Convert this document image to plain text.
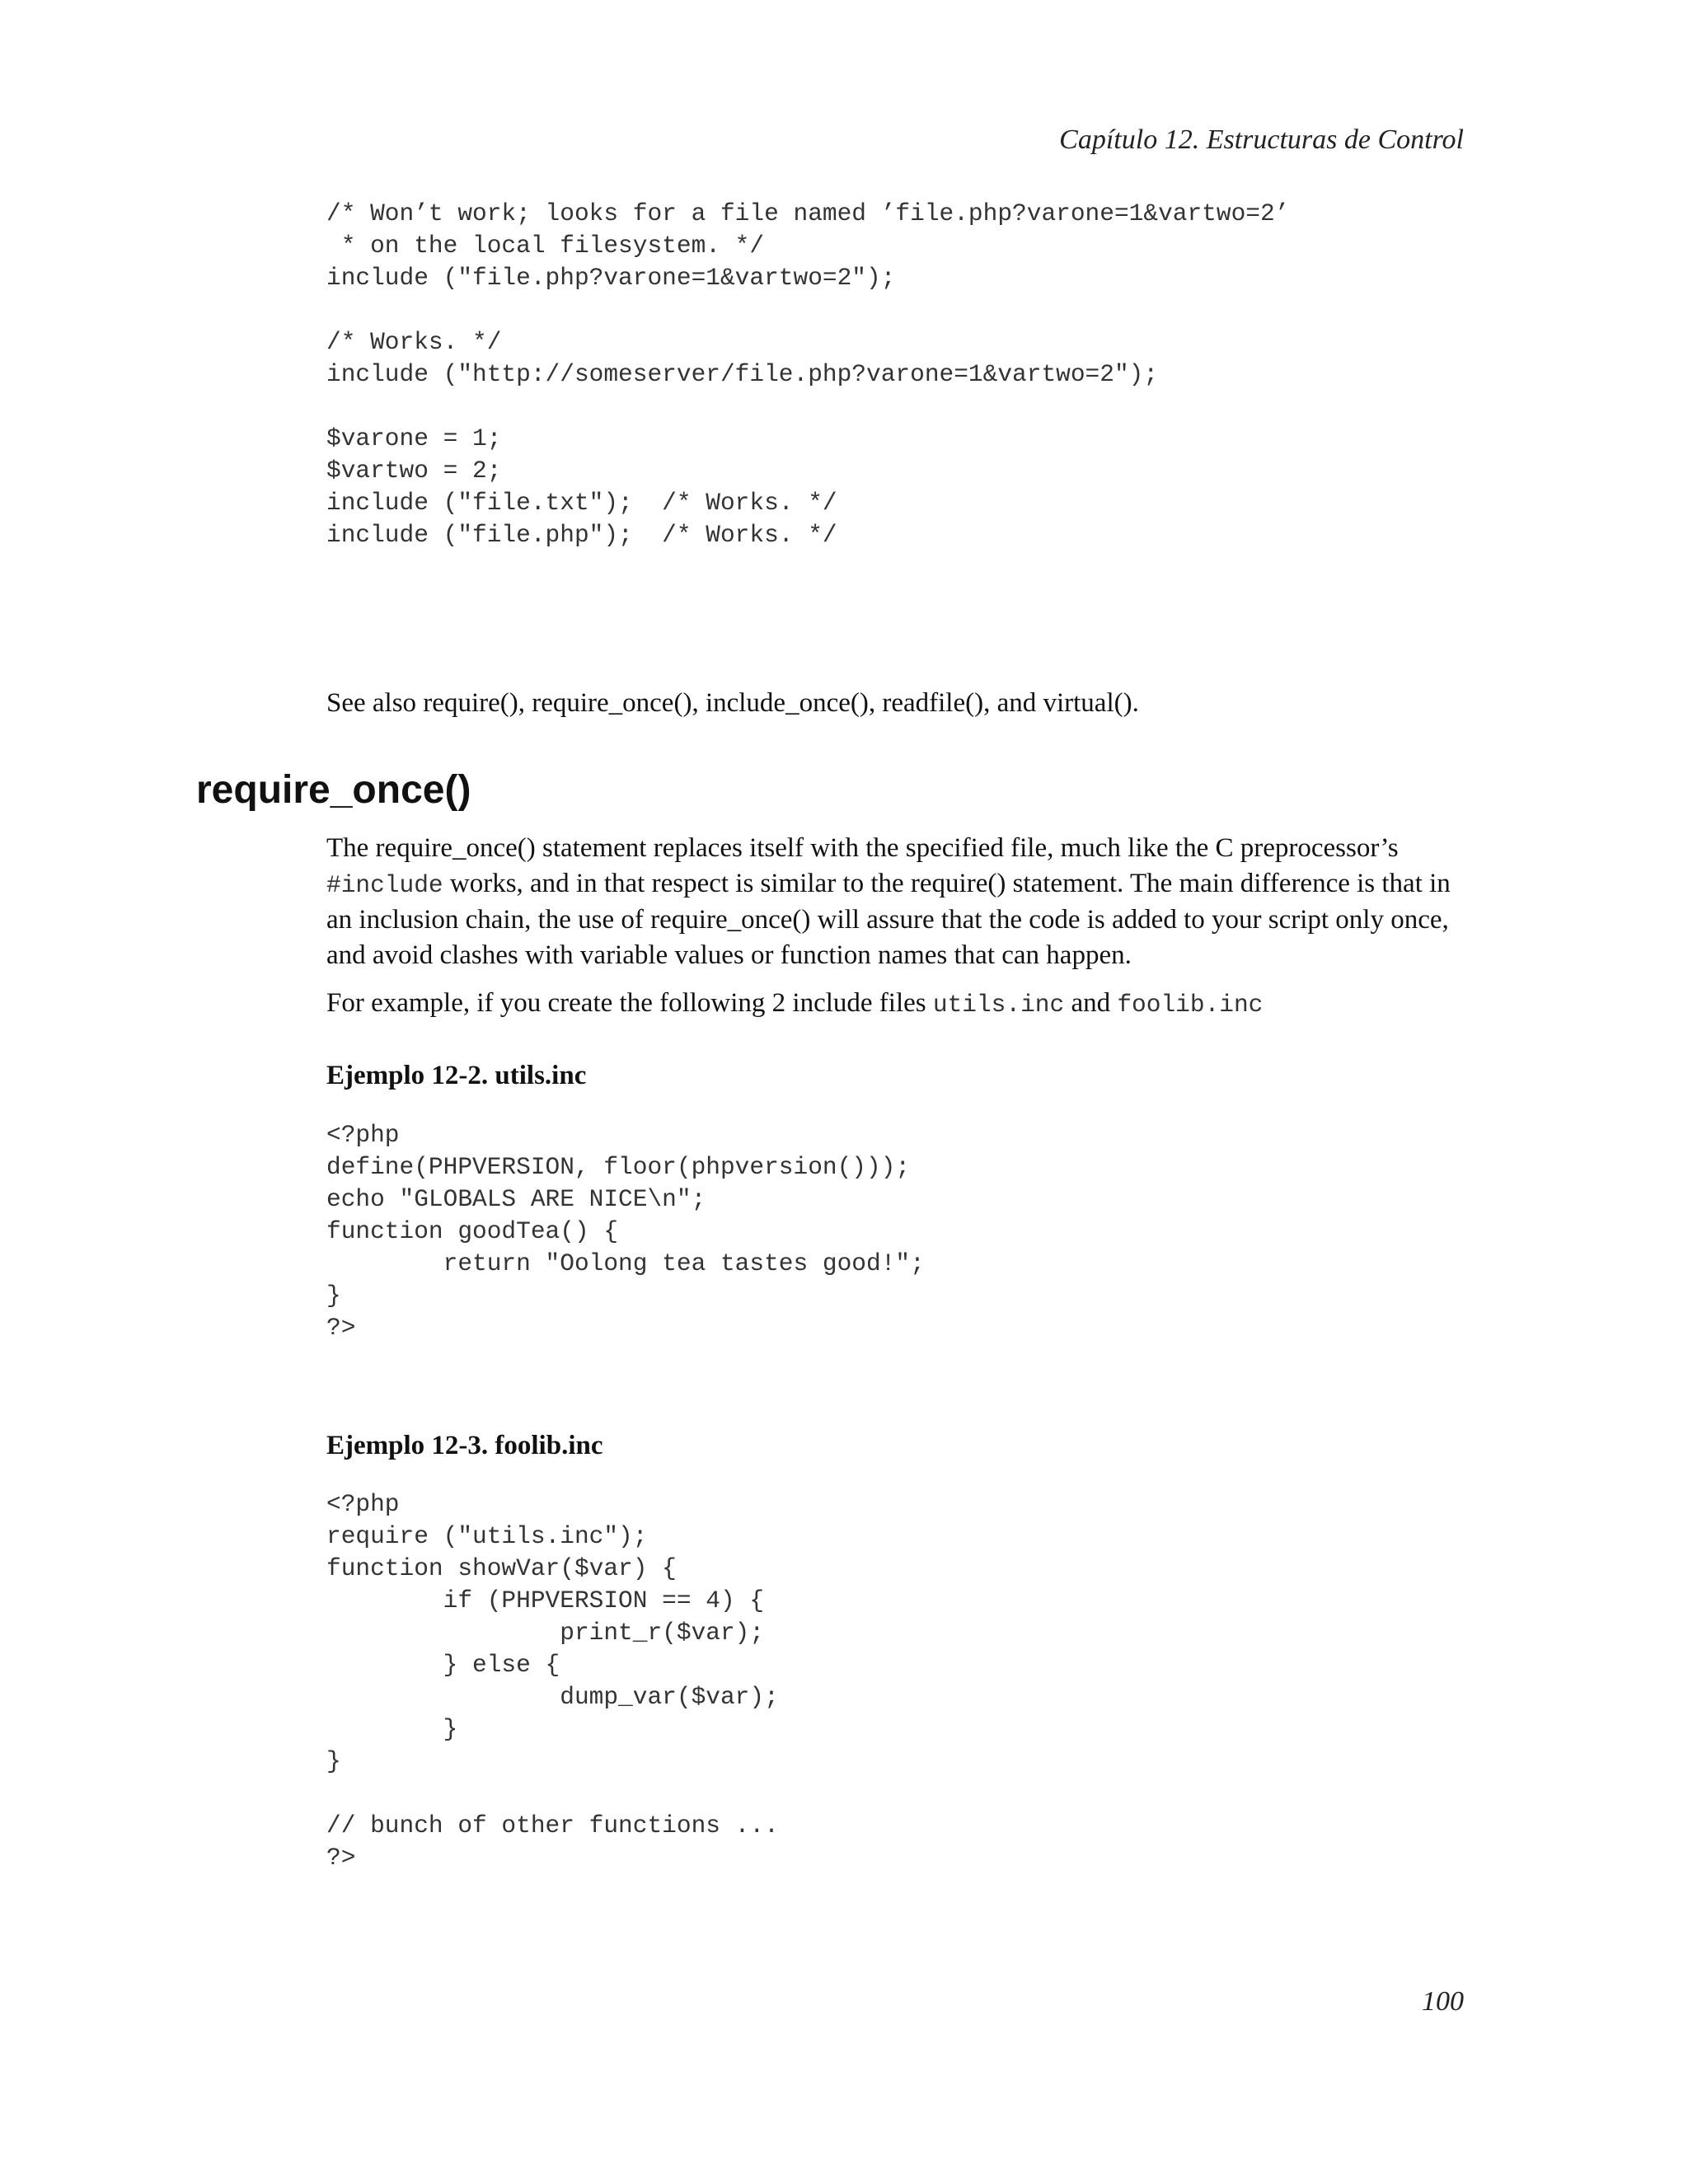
Capítulo 12. Estructuras de Control
/* Won’t work; looks for a file named ’file.php?varone=1&vartwo=2’
* on the local filesystem. */
include ("file.php?varone=1&vartwo=2");

/* Works. */
include ("http://someserver/file.php?varone=1&vartwo=2");

$varone = 1;
$vartwo = 2;
include ("file.txt");  /* Works. */
include ("file.php");  /* Works. */

See also require(), require_once(), include_once(), readfile(), and virtual().

require_once()

The require_once() statement replaces itself with the specified file, much like the C preprocessor’s #include works, and in that respect is similar to the require() statement. The main difference is that in an inclusion chain, the use of require_once() will assure that the code is added to your script only once, and avoid clashes with variable values or function names that can happen.

For example, if you create the following 2 include files utils.inc and foolib.inc

Ejemplo 12-2. utils.inc
<?php
define(PHPVERSION, floor(phpversion()));
echo "GLOBALS ARE NICE\n";
function goodTea() {
return "Oolong tea tastes good!";
}
?>
Ejemplo 12-3. foolib.inc
<?php
require ("utils.inc");
function showVar($var) {
if (PHPVERSION == 4) {
print_r($var);
} else {
dump_var($var);
}
}

// bunch of other functions ...
?>
100
